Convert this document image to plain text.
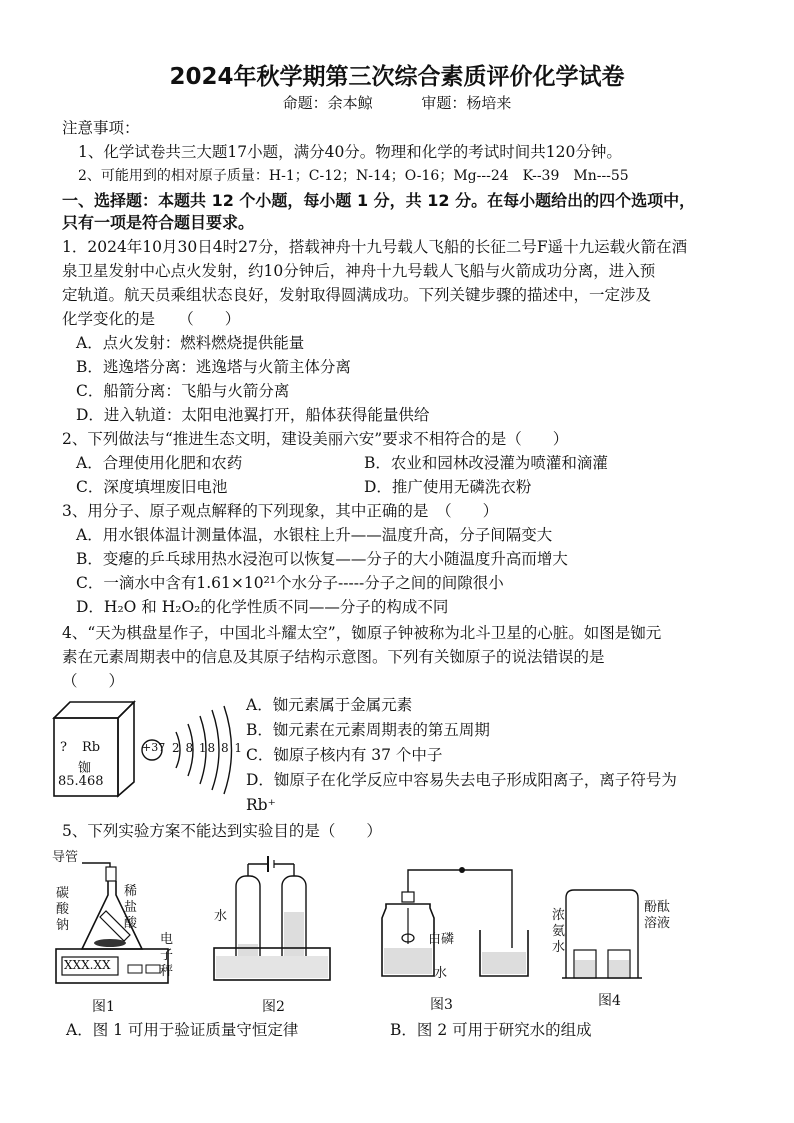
2024年秋学期第三次综合素质评价化学试卷
命题：余本鲸	审题：杨培来
注意事项：
1、化学试卷共三大题17小题，满分40分。物理和化学的考试时间共120分钟。
2、可能用到的相对原子质量：H-1；C-12；N-14；O-16；Mg---24　K--39　Mn---55
一、选择题：本题共 12 个小题，每小题 1 分，共 12 分。在每小题给出的四个选项中，
只有一项是符合题目要求。
1．2024年10月30日4时27分，搭载神舟十九号载人飞船的长征二号F遥十九运载火箭在酒
泉卫星发射中心点火发射，约10分钟后，神舟十九号载人飞船与火箭成功分离，进入预
定轨道。航天员乘组状态良好，发射取得圆满成功。下列关键步骤的描述中，一定涉及
化学变化的是　　（　　）
A．点火发射：燃料燃烧提供能量
B．逃逸塔分离：逃逸塔与火箭主体分离
C．船箭分离：飞船与火箭分离
D．进入轨道：太阳电池翼打开，船体获得能量供给
2、下列做法与“推进生态文明，建设美丽六安”要求不相符合的是（　　）
A．合理使用化肥和农药	B．农业和园林改浸灌为喷灌和滴灌
C．深度填埋废旧电池	D．推广使用无磷洗衣粉
3、用分子、原子观点解释的下列现象，其中正确的是　（　　）
A．用水银体温计测量体温，水银柱上升——温度升高，分子间隔变大
B．变瘪的乒乓球用热水浸泡可以恢复——分子的大小随温度升高而增大
C．一滴水中含有1.61×10²¹个水分子-----分子之间的间隙很小
D．H₂O 和 H₂O₂的化学性质不同——分子的构成不同
4、“天为棋盘星作子，中国北斗耀太空”，铷原子钟被称为北斗卫星的心脏。如图是铷元
素在元素周期表中的信息及其原子结构示意图。下列有关铷原子的说法错误的是
（　　）
? Rb
铷
85.468
+37 2 8 18 8 1
A．铷元素属于金属元素
B．铷元素在元素周期表的第五周期
C．铷原子核内有 37 个中子
D．铷原子在化学反应中容易失去电子形成阳离子，离子符号为
Rb⁺
5、下列实验方案不能达到实验目的是（　　）
导管
XXX.XX
碳
酸
钠
稀
盐
酸
电
子
秤
图1
水
图2
白磷
水
图3
浓
氨
水
酚酞
溶液
图4
A．图 1 可用于验证质量守恒定律	B．图 2 可用于研究水的组成
